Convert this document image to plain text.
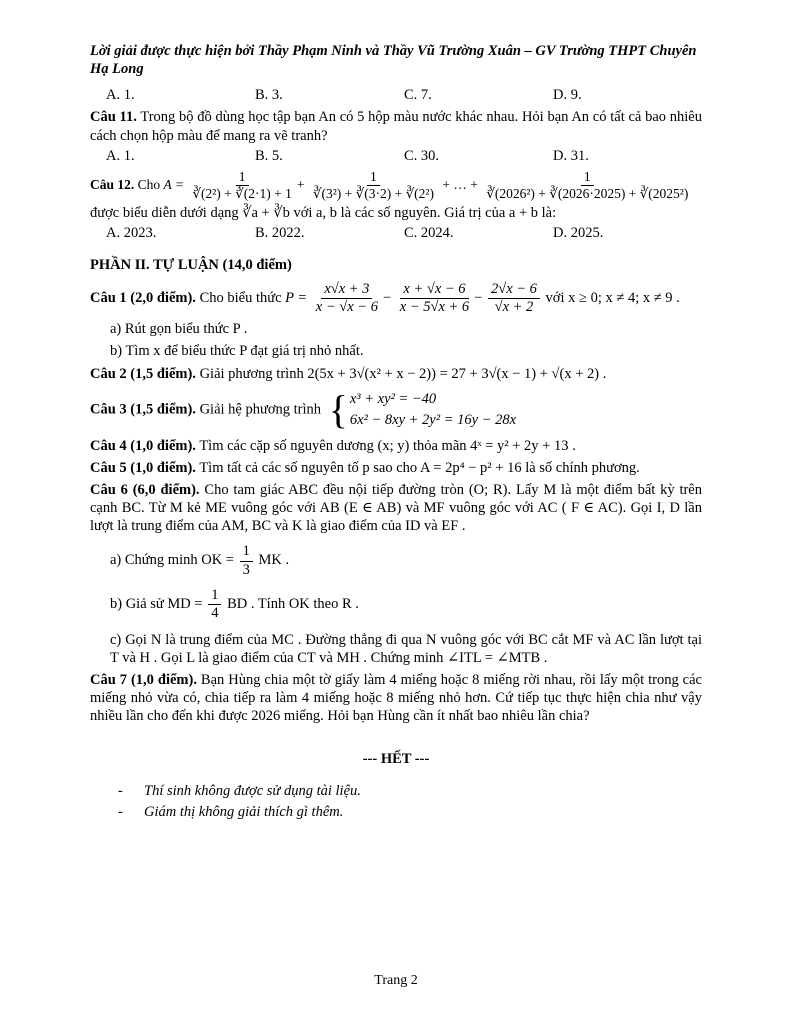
Lời giải được thực hiện bởi Thầy Phạm Ninh và Thầy Vũ Trường Xuân – GV Trường THPT Chuyên Hạ Long
A. 1.	B. 3.	C. 7.	D. 9.

Câu 11. Trong bộ đồ dùng học tập bạn An có 5 hộp màu nước khác nhau. Hỏi bạn An có tất cả bao nhiêu cách chọn hộp màu để mang ra vẽ tranh?

A. 1.	B. 5.	C. 30.	D. 31.
Câu 12. Cho $A = \frac{1}{\text{∛(2²) + ∛(2·1) + 1}} + \frac{1}{\text{∛(3²) + ∛(3·2) + ∛(2²)}}$ + … + $\frac{1}{\text{∛(2026²) + ∛(2026·2025) + ∛(2025²)}}$

được biểu diễn dưới dạng ∛a + ∛b với a, b là các số nguyên. Giá trị của a + b là:

A. 2023.	B. 2022.	C. 2024.	D. 2025.
PHẦN II. TỰ LUẬN (14,0 điểm)
Câu 1 (2,0 điểm). Cho biểu thức $P = \frac{x√x + 3}{x - √x - 6} - \frac{x + √x - 6}{x - 5√x + 6} - \frac{2√x - 6}{√x + 2}$ với x ≥ 0; x ≠ 4; x ≠ 9 .
a) Rút gọn biểu thức P .
b) Tìm x để biểu thức P đạt giá trị nhỏ nhất.

Câu 2 (1,5 điểm). Giải phương trình 2(5x + 3√(x² + x − 2)) = 27 + 3√(x − 1) + √(x + 2) .

Câu 3 (1,5 điểm). Giải hệ phương trình { x³ + xy² = −40
6x² − 8xy + 2y² = 16y − 28x

Câu 4 (1,0 điểm). Tìm các cặp số nguyên dương (x; y) thỏa mãn 4ˣ = y² + 2y + 13 .

Câu 5 (1,0 điểm). Tìm tất cả các số nguyên tố p sao cho A = 2p⁴ − p² + 16 là số chính phương.

Câu 6 (6,0 điểm). Cho tam giác ABC đều nội tiếp đường tròn (O; R). Lấy M là một điểm bất kỳ trên cạnh BC. Từ M kẻ ME vuông góc với AB (E ∈ AB) và MF vuông góc với AC ( F ∈ AC). Gọi I, D lần lượt là trung điểm của AM, BC và K là giao điểm của ID và EF .

a) Chứng minh OK = $\frac{1}{3}$ MK .
b) Giả sử MD = $\frac{1}{4}$ BD . Tính OK theo R .
c) Gọi N là trung điểm của MC . Đường thẳng đi qua N vuông góc với BC cắt MF và AC lần lượt tại T và H . Gọi L là giao điểm của CT và MH . Chứng minh ∠ITL = ∠MTB .

Câu 7 (1,0 điểm). Bạn Hùng chia một tờ giấy làm 4 miếng hoặc 8 miếng rời nhau, rồi lấy một trong các miếng nhỏ vừa có, chia tiếp ra làm 4 miếng hoặc 8 miếng nhỏ hơn. Cứ tiếp tục thực hiện chia như vậy nhiều lần cho đến khi được 2026 miếng. Hỏi bạn Hùng cần ít nhất bao nhiêu lần chia?

--- HẾT ---
- Thí sinh không được sử dụng tài liệu.
- Giám thị không giải thích gì thêm.
Trang 2
